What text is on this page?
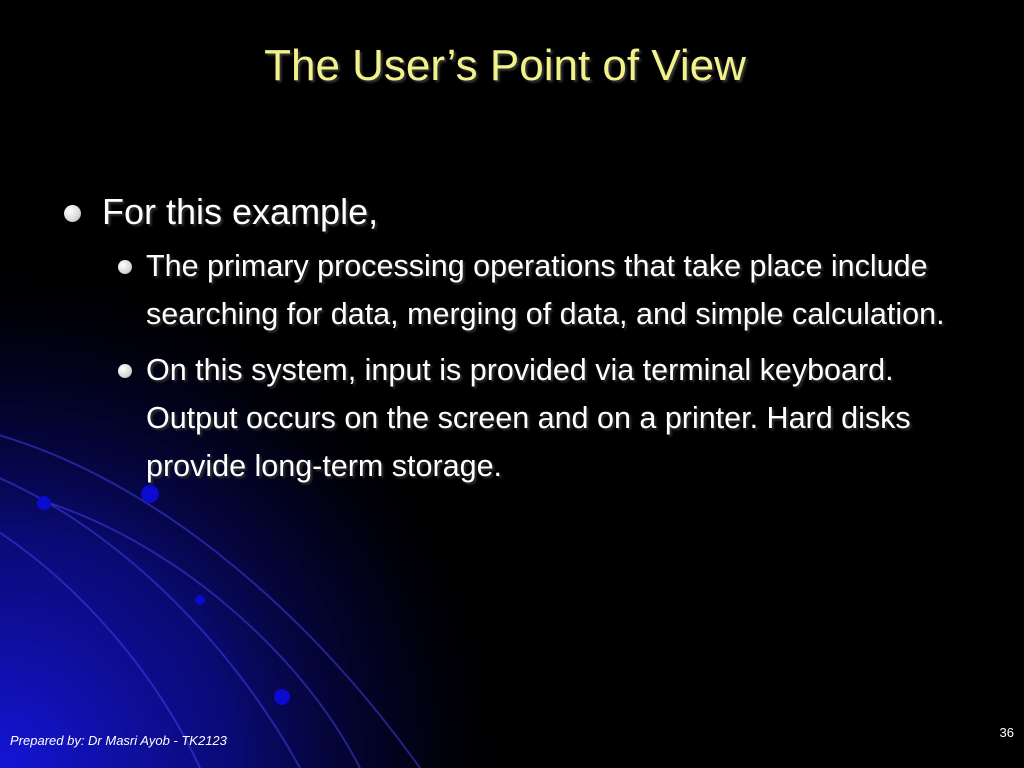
The User’s Point of View
For this example,
The primary processing operations that take place include searching for data, merging of data, and simple calculation.
On this system, input is provided via terminal keyboard. Output occurs on the screen and on a printer. Hard disks provide long-term storage.
Prepared by: Dr Masri Ayob - TK2123
36
